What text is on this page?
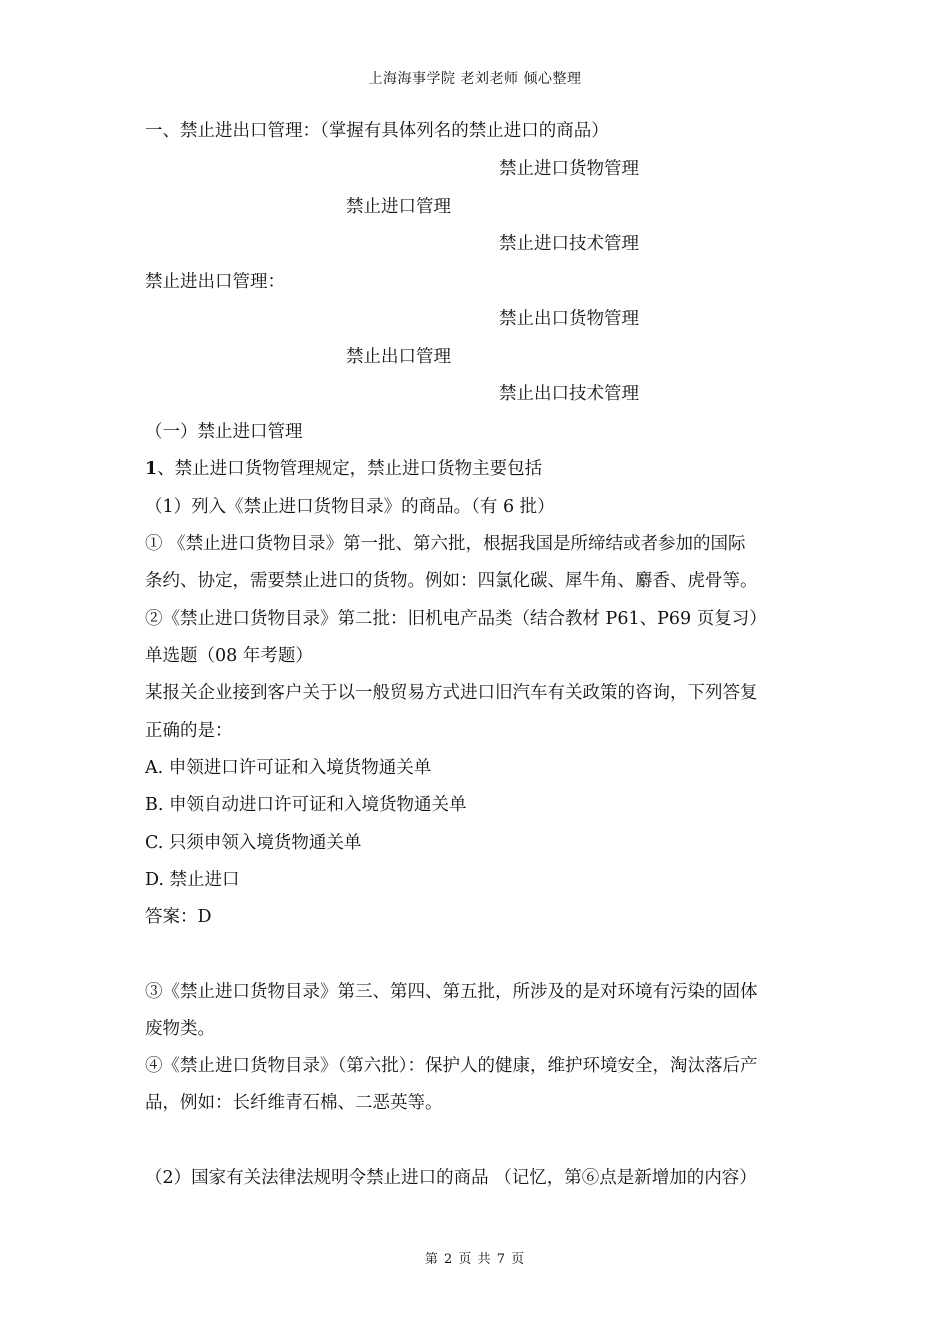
上海海事学院 老刘老师 倾心整理
一、禁止进出口管理：（掌握有具体列名的禁止进口的商品）
禁止进口货物管理
禁止进口管理
禁止进口技术管理
禁止进出口管理：
禁止出口货物管理
禁止出口管理
禁止出口技术管理
（一）禁止进口管理
1、禁止进口货物管理规定，禁止进口货物主要包括
（1）列入《禁止进口货物目录》的商品。（有 6 批）
① 《禁止进口货物目录》第一批、第六批，根据我国是所缔结或者参加的国际
条约、协定，需要禁止进口的货物。例如：四氯化碳、犀牛角、麝香、虎骨等。
②《禁止进口货物目录》第二批：旧机电产品类（结合教材 P61、P69 页复习）
单选题（08 年考题）
某报关企业接到客户关于以一般贸易方式进口旧汽车有关政策的咨询，下列答复
正确的是：
A. 申领进口许可证和入境货物通关单
B. 申领自动进口许可证和入境货物通关单
C. 只须申领入境货物通关单
D. 禁止进口
答案：D
③《禁止进口货物目录》第三、第四、第五批，所涉及的是对环境有污染的固体
废物类。
④《禁止进口货物目录》（第六批）：保护人的健康，维护环境安全，淘汰落后产
品，例如：长纤维青石棉、二恶英等。
（2）国家有关法律法规明令禁止进口的商品 （记忆，第⑥点是新增加的内容）
第 2 页 共 7 页
